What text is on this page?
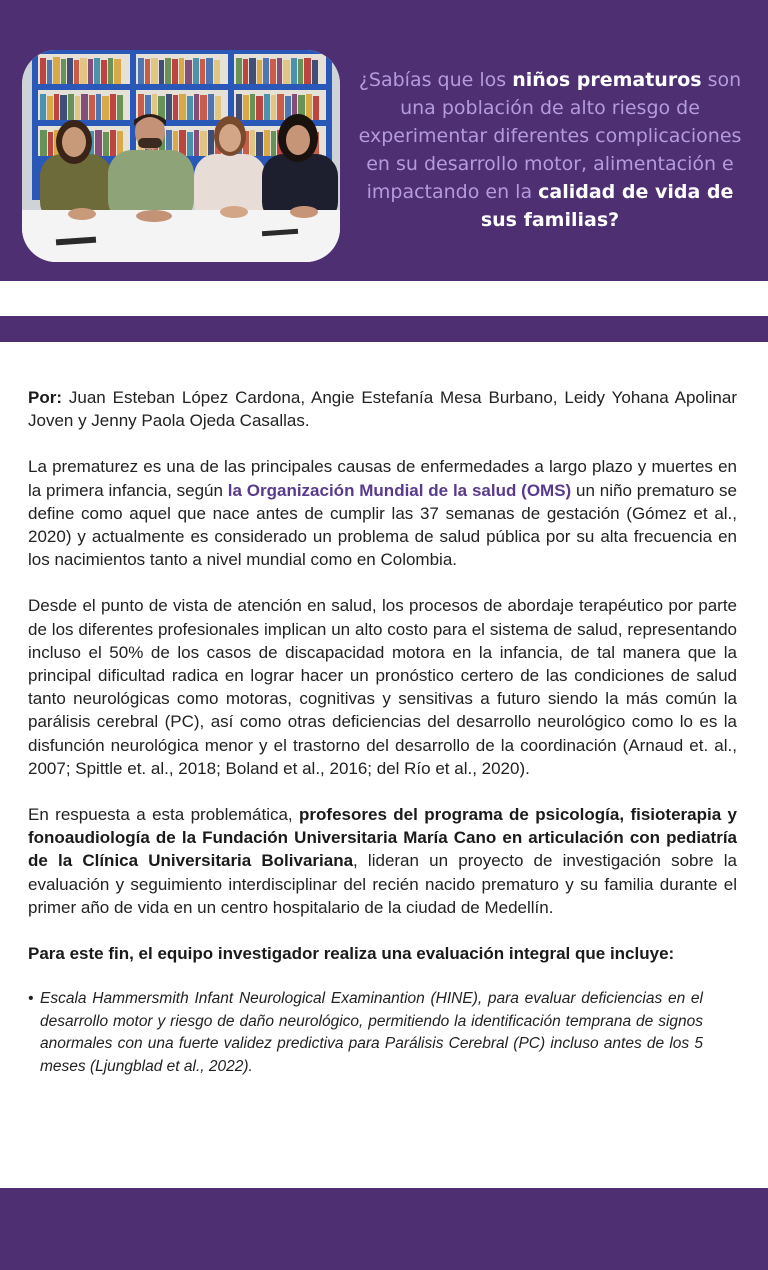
¿Sabías que los niños prematuros son una población de alto riesgo de experimentar diferentes complicaciones en su desarrollo motor, alimentación e impactando en la calidad de vida de sus familias?

Por: Juan Esteban López Cardona, Angie Estefanía Mesa Burbano, Leidy Yohana Apolinar Joven y Jenny Paola Ojeda Casallas.

La prematurez es una de las principales causas de enfermedades a largo plazo y muertes en la primera infancia, según la Organización Mundial de la salud (OMS) un niño prematuro se define como aquel que nace antes de cumplir las 37 semanas de gestación (Gómez et al., 2020) y actualmente es considerado un problema de salud pública por su alta frecuencia en los nacimientos tanto a nivel mundial como en Colombia.

Desde el punto de vista de atención en salud, los procesos de abordaje terapéutico por parte de los diferentes profesionales implican un alto costo para el sistema de salud, representando incluso el 50% de los casos de discapacidad motora en la infancia, de tal manera que la principal dificultad radica en lograr hacer un pronóstico certero de las condiciones de salud tanto neurológicas como motoras, cognitivas y sensitivas a futuro siendo la más común la parálisis cerebral (PC), así como otras deficiencias del desarrollo neurológico como lo es la disfunción neurológica menor y el trastorno del desarrollo de la coordinación (Arnaud et. al., 2007; Spittle et. al., 2018; Boland et al., 2016; del Río et al., 2020).

En respuesta a esta problemática, profesores del programa de psicología, fisioterapia y fonoaudiología de la Fundación Universitaria María Cano en articulación con pediatría de la Clínica Universitaria Bolivariana, lideran un proyecto de investigación sobre la evaluación y seguimiento interdisciplinar del recién nacido prematuro y su familia durante el primer año de vida en un centro hospitalario de la ciudad de Medellín.

Para este fin, el equipo investigador realiza una evaluación integral que incluye:

• Escala Hammersmith Infant Neurological Examinantion (HINE), para evaluar deficiencias en el desarrollo motor y riesgo de daño neurológico, permitiendo la identificación temprana de signos anormales con una fuerte validez predictiva para Parálisis Cerebral (PC) incluso antes de los 5 meses (Ljungblad et al., 2022).
